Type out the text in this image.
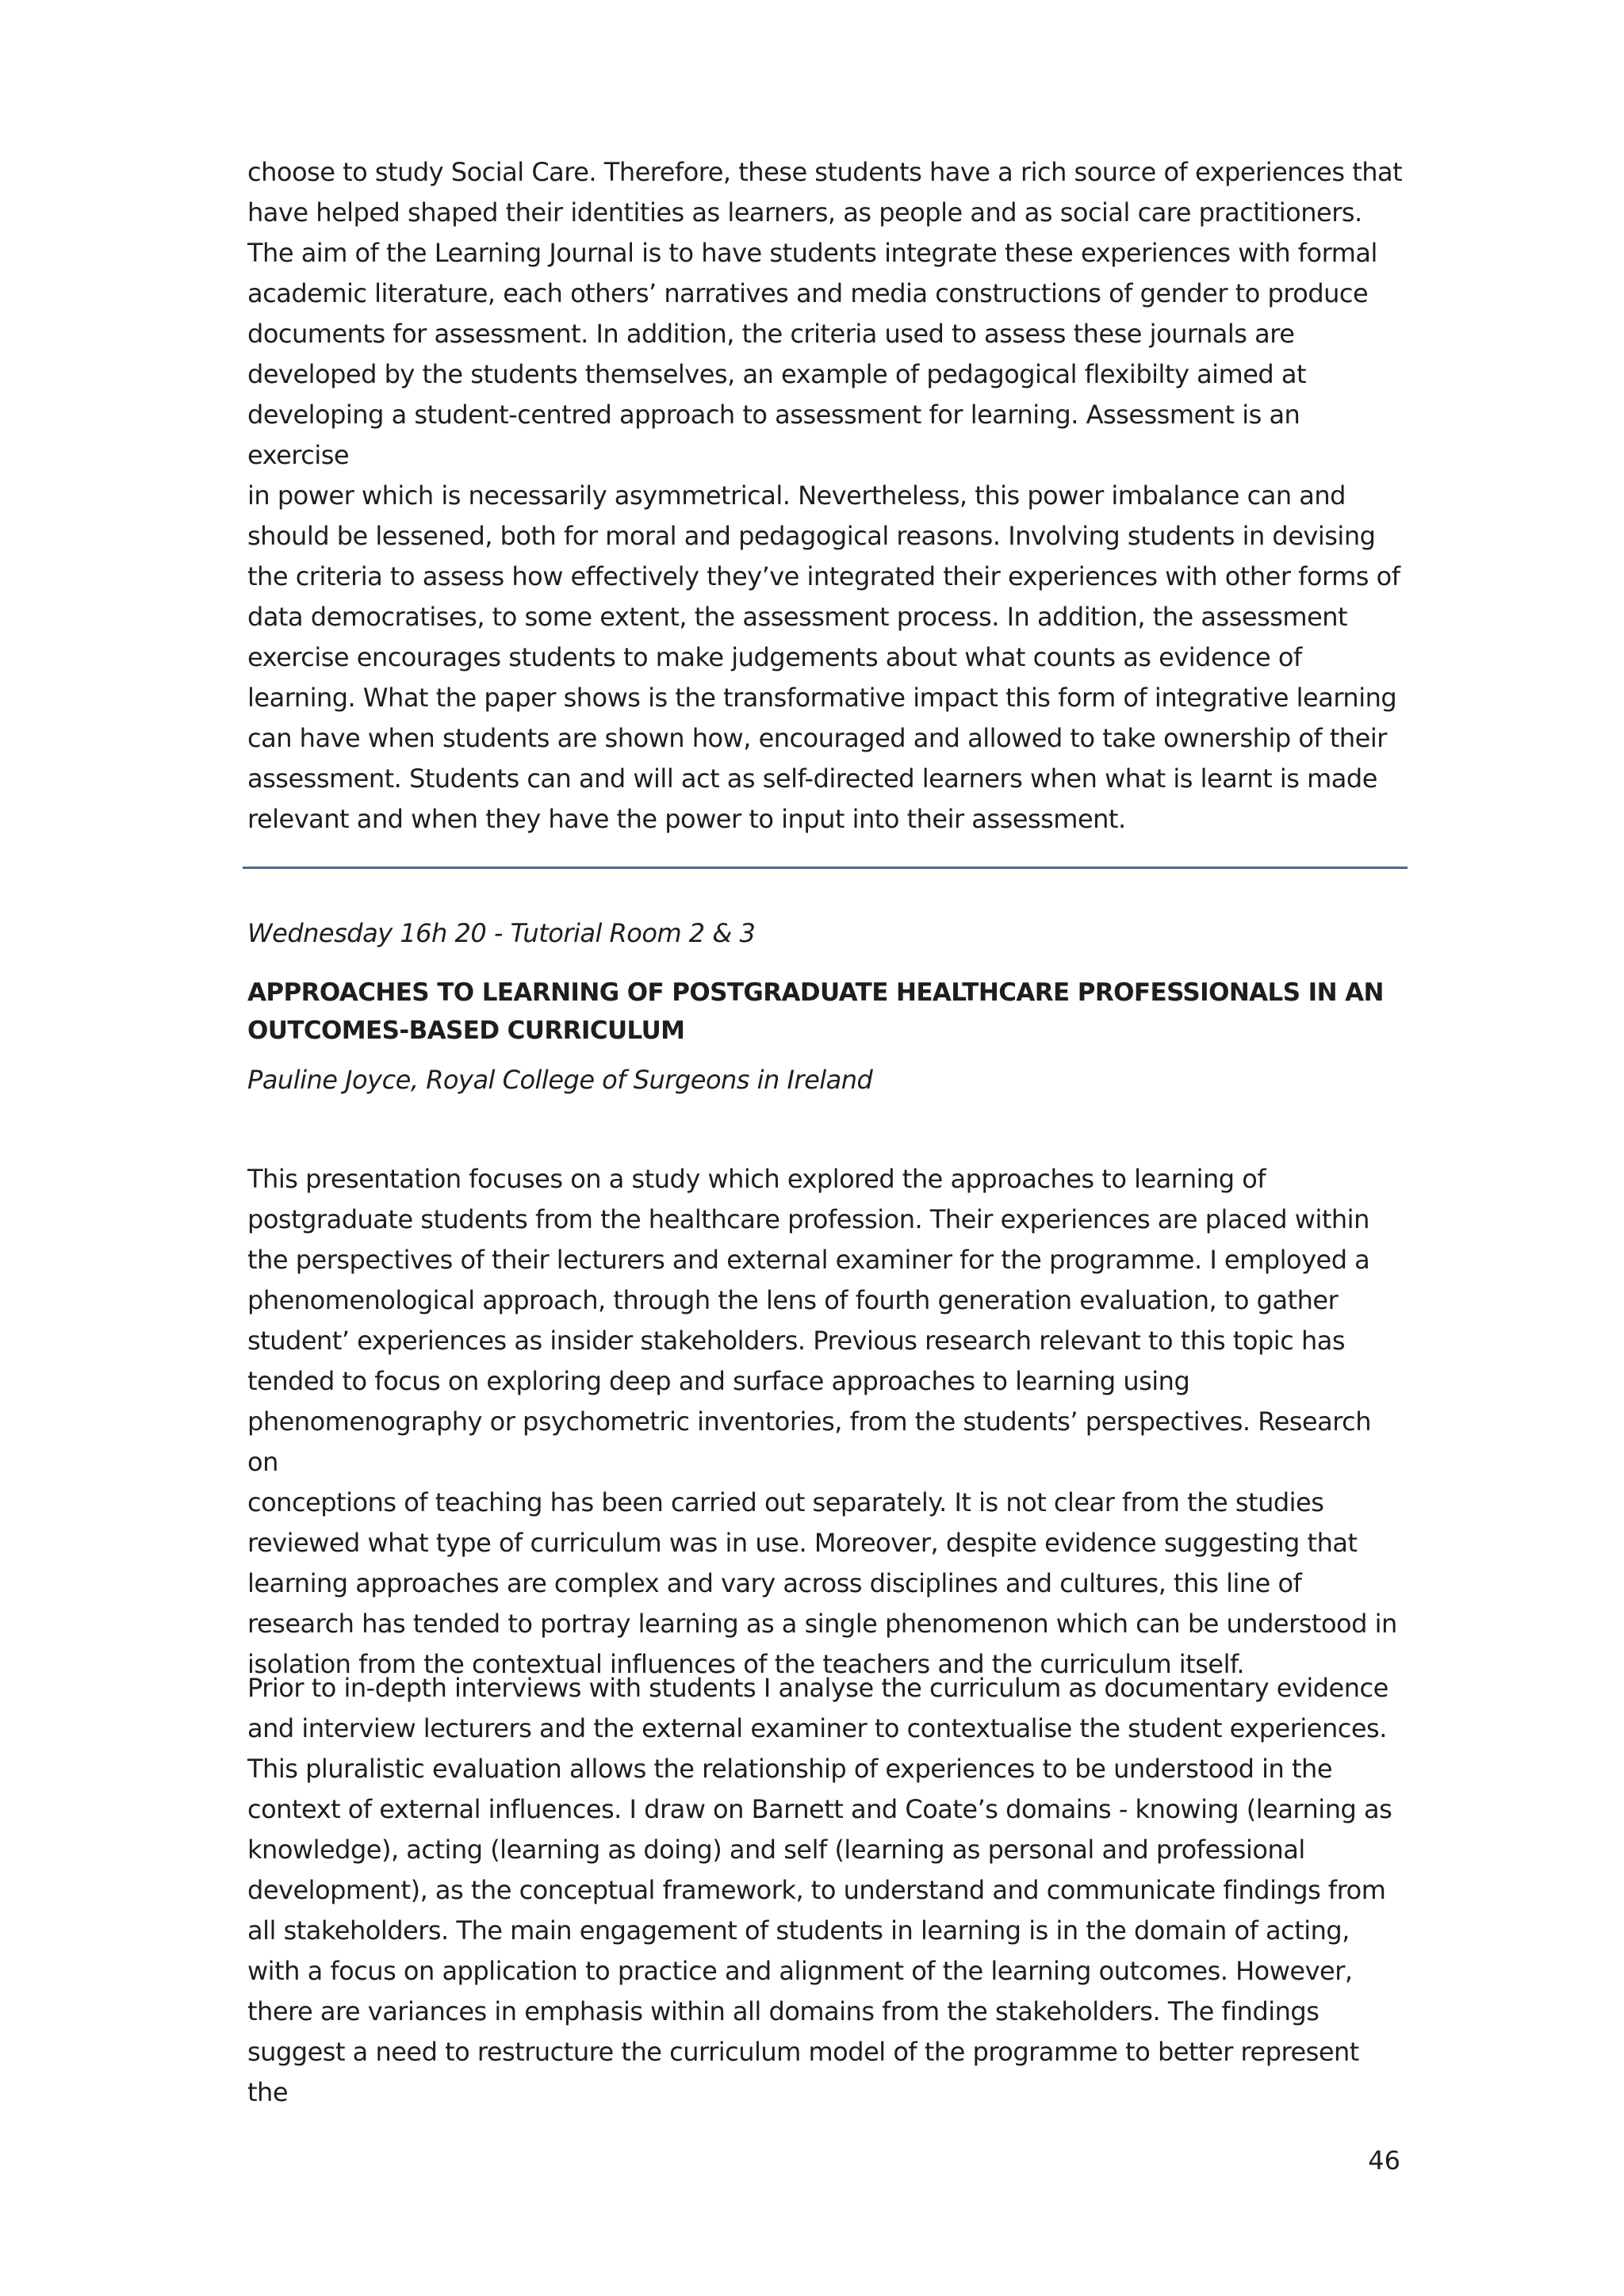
choose to study Social Care. Therefore, these students have a rich source of experiences that
have helped shaped their identities as learners, as people and as social care practitioners.
The aim of the Learning Journal is to have students integrate these experiences with formal
academic literature, each others’ narratives and media constructions of gender to produce
documents for assessment. In addition, the criteria used to assess these journals are
developed by the students themselves, an example of pedagogical flexibilty aimed at
developing a student-centred approach to assessment for learning. Assessment is an exercise
in power which is necessarily asymmetrical. Nevertheless, this power imbalance can and
should be lessened, both for moral and pedagogical reasons. Involving students in devising
the criteria to assess how effectively they’ve integrated their experiences with other forms of
data democratises, to some extent, the assessment process. In addition, the assessment
exercise encourages students to make judgements about what counts as evidence of
learning. What the paper shows is the transformative impact this form of integrative learning
can have when students are shown how, encouraged and allowed to take ownership of their
assessment. Students can and will act as self-directed learners when what is learnt is made
relevant and when they have the power to input into their assessment.
Wednesday 16h 20 - Tutorial Room 2 & 3
APPROACHES TO LEARNING OF POSTGRADUATE HEALTHCARE PROFESSIONALS IN AN
OUTCOMES-BASED CURRICULUM
Pauline Joyce, Royal College of Surgeons in Ireland
This presentation focuses on a study which explored the approaches to learning of
postgraduate students from the healthcare profession. Their experiences are placed within
the perspectives of their lecturers and external examiner for the programme. I employed a
phenomenological approach, through the lens of fourth generation evaluation, to gather
student’ experiences as insider stakeholders. Previous research relevant to this topic has
tended to focus on exploring deep and surface approaches to learning using
phenomenography or psychometric inventories, from the students’ perspectives. Research on
conceptions of teaching has been carried out separately. It is not clear from the studies
reviewed what type of curriculum was in use. Moreover, despite evidence suggesting that
learning approaches are complex and vary across disciplines and cultures, this line of
research has tended to portray learning as a single phenomenon which can be understood in
isolation from the contextual influences of the teachers and the curriculum itself.
Prior to in-depth interviews with students I analyse the curriculum as documentary evidence
and interview lecturers and the external examiner to contextualise the student experiences.
This pluralistic evaluation allows the relationship of experiences to be understood in the
context of external influences. I draw on Barnett and Coate’s domains - knowing (learning as
knowledge), acting (learning as doing) and self (learning as personal and professional
development), as the conceptual framework, to understand and communicate findings from
all stakeholders. The main engagement of students in learning is in the domain of acting,
with a focus on application to practice and alignment of the learning outcomes. However,
there are variances in emphasis within all domains from the stakeholders. The findings
suggest a need to restructure the curriculum model of the programme to better represent the
46
